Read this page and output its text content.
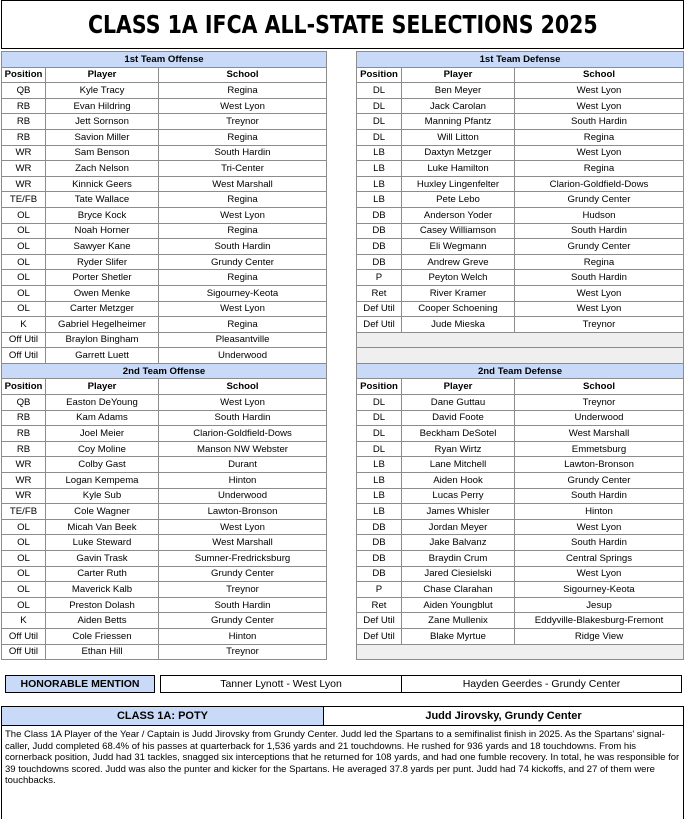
CLASS 1A IFCA ALL-STATE SELECTIONS 2025
1st Team Offense		
Position	Player	School
QB	Kyle Tracy	Regina
RB	Evan Hildring	West Lyon
RB	Jett Sornson	Treynor
RB	Savion Miller	Regina
WR	Sam Benson	South Hardin
WR	Zach Nelson	Tri-Center
WR	Kinnick Geers	West Marshall
TE/FB	Tate Wallace	Regina
OL	Bryce Kock	West Lyon
OL	Noah Horner	Regina
OL	Sawyer Kane	South Hardin
OL	Ryder Slifer	Grundy Center
OL	Porter Shetler	Regina
OL	Owen Menke	Sigourney-Keota
OL	Carter Metzger	West Lyon
K	Gabriel Hegelheimer	Regina
Off Util	Braylon Bingham	Pleasantville
Off Util	Garrett Luett	Underwood
2nd Team Offense		
Position	Player	School
QB	Easton DeYoung	West Lyon
RB	Kam Adams	South Hardin
RB	Joel Meier	Clarion-Goldfield-Dows
RB	Coy Moline	Manson NW Webster
WR	Colby Gast	Durant
WR	Logan Kempema	Hinton
WR	Kyle Sub	Underwood
TE/FB	Cole Wagner	Lawton-Bronson
OL	Micah Van Beek	West Lyon
OL	Luke Steward	West Marshall
OL	Gavin Trask	Sumner-Fredricksburg
OL	Carter Ruth	Grundy Center
OL	Maverick Kalb	Treynor
OL	Preston Dolash	South Hardin
K	Aiden Betts	Grundy Center
Off Util	Cole Friessen	Hinton
Off Util	Ethan Hill	Treynor
1st Team Defense		
Position	Player	School
DL	Ben Meyer	West Lyon
DL	Jack Carolan	West Lyon
DL	Manning Pfantz	South Hardin
DL	Will Litton	Regina
LB	Daxtyn Metzger	West Lyon
LB	Luke Hamilton	Regina
LB	Huxley Lingenfelter	Clarion-Goldfield-Dows
LB	Pete Lebo	Grundy Center
DB	Anderson Yoder	Hudson
DB	Casey Williamson	South Hardin
DB	Eli Wegmann	Grundy Center
DB	Andrew Greve	Regina
P	Peyton Welch	South Hardin
Ret	River Kramer	West Lyon
Def Util	Cooper Schoening	West Lyon
Def Util	Jude Mieska	Treynor

2nd Team Defense		
Position	Player	School
DL	Dane Guttau	Treynor
DL	David Foote	Underwood
DL	Beckham DeSotel	West Marshall
DL	Ryan Wirtz	Emmetsburg
LB	Lane Mitchell	Lawton-Bronson
LB	Aiden Hook	Grundy Center
LB	Lucas Perry	South Hardin
LB	James Whisler	Hinton
DB	Jordan Meyer	West Lyon
DB	Jake Balvanz	South Hardin
DB	Braydin Crum	Central Springs
DB	Jared Ciesielski	West Lyon
P	Chase Clarahan	Sigourney-Keota
Ret	Aiden Youngblut	Jesup
Def Util	Zane Mullenix	Eddyville-Blakesburg-Fremont
Def Util	Blake Myrtue	Ridge View

HONORABLE MENTION	Tanner Lynott - West Lyon	Hayden Geerdes - Grundy Center
CLASS 1A: POTY	Judd Jirovsky, Grundy Center
The Class 1A Player of the Year / Captain is Judd Jirovsky from Grundy Center. Judd led the Spartans to a semifinalist finish in 2025. As the Spartans' signal-caller, Judd completed 68.4% of his passes at quarterback for 1,536 yards and 21 touchdowns. He rushed for 936 yards and 18 touchdowns. From his cornerback position, Judd had 31 tackles, snagged six interceptions that he returned for 108 yards, and had one fumble recovery. In total, he was responsible for 39 touchdowns scored. Judd was also the punter and kicker for the Spartans. He averaged 37.8 yards per punt. Judd had 74 kickoffs, and 27 of them were touchbacks.
